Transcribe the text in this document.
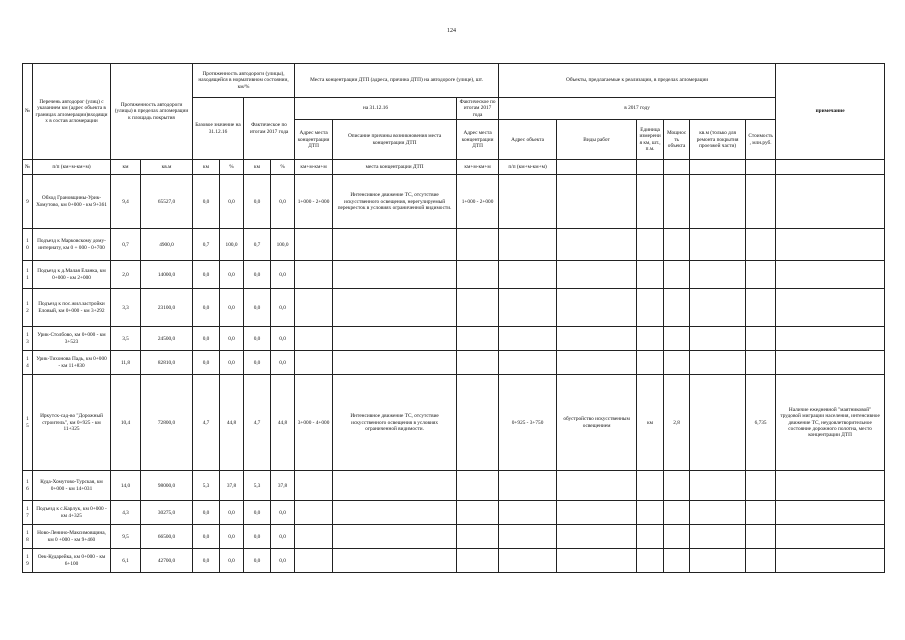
124
№	Перечень автодорог (улиц) с указанием км (адрес объекта в границах агломерации)входящи х в состав агломерации	Протяженность автодороги (улицы) в пределах агломерации к площадь покрытия		Протяженность автодороги (улицы), находящейся в нормативном состоянии, км/%				Места концентрации ДТП (адреса, причина ДТП) на автодороге (улице), шт.			Объекты, предлагаемые к реализации, в пределах агломерации						примечание

				Базовое значение на 31.12.16		Фактическое по итогам 2017 года		на 31.12.16		Фактическое по итогам 2017 года	в 2017 году						
								Адрес места концентрации ДТП	Описание причины возникновения места концентрации ДТП	Адрес места концентрации ДТП	Адрес объекта	Виды работ	Единица измерения км, шт., п.м.	Мощность объекта	кв.м (только для ремонта покрытия проезжей части)	Стоимость, млн.руб.	
№	п/п (км+м-км+м)	км	кв.м	км	%	км	%	км+м-км+м	места концентрации ДТП	км+м-км+м	п/п (км+м-км+м)						
9	Обход Грановщины-Урик-Хомутово, км 0+000 - км 9+361	9,4	65527,0	0,0	0,0	0,0	0,0	1+000 - 2+000	Интенсивное движение ТС, отсутствие искусственного освещения, нерегулируемый перекресток в условиях ограниченной видимости.	1+000 - 2+000							
10	Подъезд к Марковскому дому-интернату, км 0 + 000 - 0+700	0,7	4900,0	0,7	100,0	0,7	100,0										
11	Подъезд к д.Малая Еланка, км 0+000 - км 2+000	2,0	14000,0	0,0	0,0	0,0	0,0										
12	Подъезд к пос.жил.застройки Еловый, км 0+000 - км 3+292	3,3	23100,0	0,0	0,0	0,0	0,0										
13	Урик-Столбово, км 0+000 - км 3+523	3,5	24500,0	0,0	0,0	0,0	0,0										
14	Урик-Тихонова Падь, км 0+000 - км 11+830	11,8	82810,0	0,0	0,0	0,0	0,0										
15	Иркутск-сад-во "Дорожный строитель", км 0+925 - км 11+325	10,4	72800,0	4,7	44,8	4,7	44,8	3+000 - 4+000	Интенсивное движение ТС, отсутствие искусственного освещения в условиях ограниченной видимости.		0+925 - 3+750	обустройство искусственным освещением	км	2,8		6,735	Наличие ежедневной "маятниковой" трудовой миграции населения, интенсивное движение ТС, неудовлетворительное состояние дорожного полотна, место концентрации ДТП
16	Куда-Хомутово-Турская, км 0+000 - км 14+031	14,0	98000,0	5,3	37,8	5,3	37,8										
17	Подъезд к с.Карлук, км 0+000 - км 4+325	4,3	30275,0	0,0	0,0	0,0	0,0										
18	Ново-Ленино-Максимовщина, км 0 +000 - км 9+460	9,5	66500,0	0,0	0,0	0,0	0,0										
19	Оек-Кударейка, км 0+000 - км 6+100	6,1	42700,0	0,0	0,0	0,0	0,0										
